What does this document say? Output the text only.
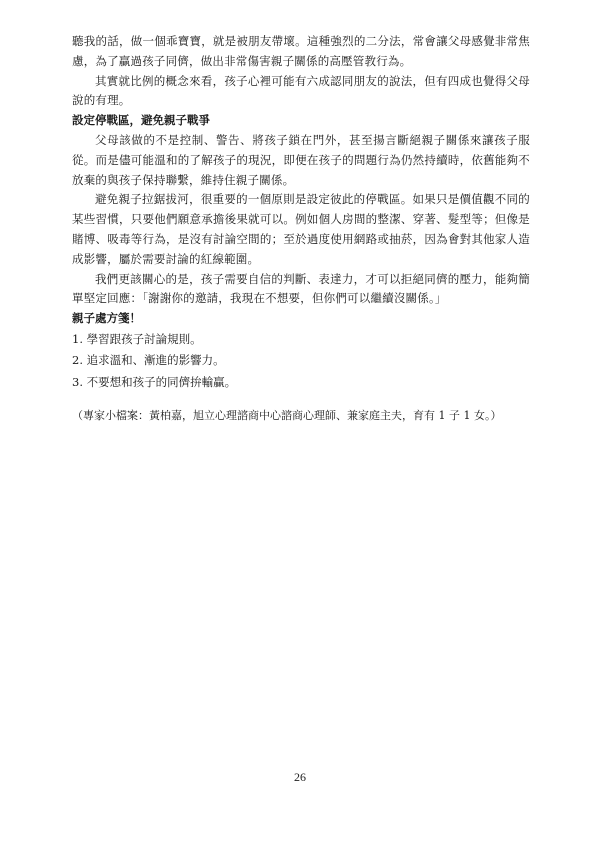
聽我的話，做一個乖寶寶，就是被朋友帶壞。這種強烈的二分法，常會讓父母感覺非常焦慮，為了贏過孩子同儕，做出非常傷害親子關係的高壓管教行為。

其實就比例的概念來看，孩子心裡可能有六成認同朋友的說法，但有四成也覺得父母說的有理。

設定停戰區，避免親子戰爭

父母該做的不是控制、警告、將孩子鎖在門外，甚至揚言斷絕親子關係來讓孩子服從。而是儘可能溫和的了解孩子的現況，即便在孩子的問題行為仍然持續時，依舊能夠不放棄的與孩子保持聯繫，維持住親子關係。

避免親子拉鋸拔河，很重要的一個原則是設定彼此的停戰區。如果只是價值觀不同的某些習慣，只要他們願意承擔後果就可以。例如個人房間的整潔、穿著、髮型等；但像是賭博、吸毒等行為，是沒有討論空間的；至於過度使用網路或抽菸，因為會對其他家人造成影響，屬於需要討論的紅線範圍。

我們更該關心的是，孩子需要自信的判斷、表達力，才可以拒絕同儕的壓力，能夠簡單堅定回應：「謝謝你的邀請，我現在不想要，但你們可以繼續沒關係。」

親子處方箋！
1. 學習跟孩子討論規則。
2. 追求溫和、漸進的影響力。
3. 不要想和孩子的同儕拚輸贏。

（專家小檔案：黃柏嘉，旭立心理諮商中心諮商心理師、兼家庭主夫，育有 1 子 1 女。）

26
